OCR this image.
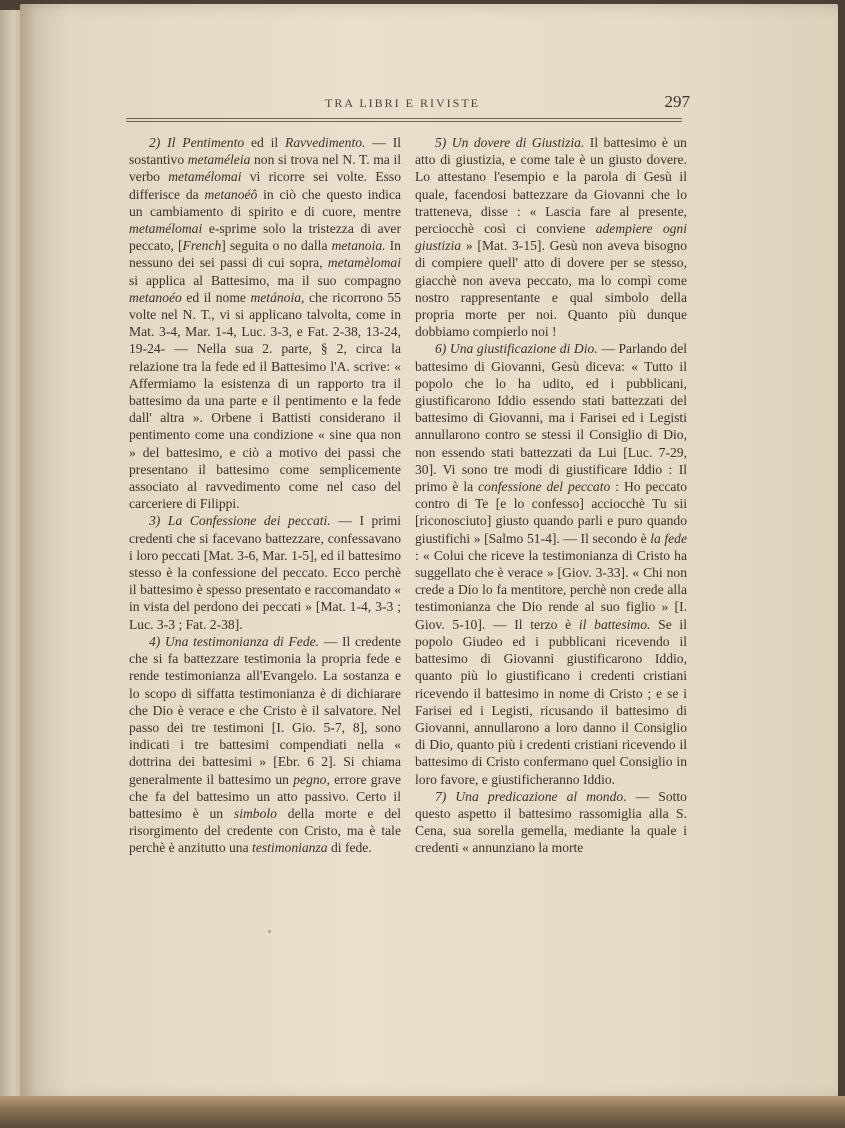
TRA LIBRI E RIVISTE	297

2) Il Pentimento ed il Ravvedimento. — Il sostantivo metaméleia non si trova nel N. T. ma il verbo metamélomai vi ricorre sei volte. Esso differisce da metanoéô in ciò che questo indica un cambiamento di spirito e di cuore, mentre metamélomai e-sprime solo la tristezza di aver peccato, [French] seguita o no dalla metanoia. In nessuno dei sei passi di cui sopra, metamèlomai si applica al Battesimo, ma il suo compagno metanoéo ed il nome metánoia, che ricorrono 55 volte nel N. T., vi si applicano talvolta, come in Mat. 3-4, Mar. 1-4, Luc. 3-3, e Fat. 2-38, 13-24, 19-24- — Nella sua 2. parte, § 2, circa la relazione tra la fede ed il Battesimo l'A. scrive: « Affermiamo la esistenza di un rapporto tra il battesimo da una parte e il pentimento e la fede dall' altra ». Orbene i Battisti considerano il pentimento come una condizione « sine qua non » del battesimo, e ciò a motivo dei passi che presentano il battesimo come semplicemente associato al ravvedimento come nel caso del carceriere di Filippi.

3) La Confessione dei peccati. — I primi credenti che si facevano battezzare, confessavano i loro peccati [Mat. 3-6, Mar. 1-5], ed il battesimo stesso è la confessione del peccato. Ecco perchè il battesimo è spesso presentato e raccomandato « in vista del perdono dei peccati » [Mat. 1-4, 3-3 ; Luc. 3-3 ; Fat. 2-38].

4) Una testimonianza di Fede. — Il credente che si fa battezzare testimonia la propria fede e rende testimonianza all'Evangelo. La sostanza e lo scopo di siffatta testimonianza è di dichiarare che Dio è verace e che Cristo è il salvatore. Nel passo dei tre testimoni [I. Gio. 5-7, 8], sono indicati i tre battesimi compendiati nella « dottrina dei battesimi » [Ebr. 6 2]. Si chiama generalmente il battesimo un pegno, errore grave che fa del battesimo un atto passivo. Certo il battesimo è un simbolo della morte e del risorgimento del credente con Cristo, ma è tale perchè è anzitutto una testimonianza di fede.

5) Un dovere di Giustizia. Il battesimo è un atto di giustizia, e come tale è un giusto dovere. Lo attestano l'esempio e la parola di Gesù il quale, facendosi battezzare da Giovanni che lo tratteneva, disse : « Lascia fare al presente, perciocchè così ci conviene adempiere ogni giustizia » [Mat. 3-15]. Gesù non aveva bisogno di compiere quell' atto di dovere per se stesso, giacchè non aveva peccato, ma lo compì come nostro rappresentante e qual simbolo della propria morte per noi. Quanto più dunque dobbiamo compierlo noi !

6) Una giustificazione di Dio. — Parlando del battesimo di Giovanni, Gesù diceva: « Tutto il popolo che lo ha udito, ed i pubblicani, giustificarono Iddio essendo stati battezzati del battesimo di Giovanni, ma i Farisei ed i Legisti annullarono contro se stessi il Consiglio di Dio, non essendo stati battezzati da Lui [Luc. 7-29, 30]. Vi sono tre modi di giustificare Iddio : Il primo è la confessione del peccato : Ho peccato contro di Te [e lo confesso] acciocchè Tu sii [riconosciuto] giusto quando parli e puro quando giustifichi » [Salmo 51-4]. — Il secondo è la fede : « Colui che riceve la testimonianza di Cristo ha suggellato che è verace » [Giov. 3-33]. « Chi non crede a Dio lo fa mentitore, perchè non crede alla testimonianza che Dio rende al suo figlio » [I. Giov. 5-10]. — Il terzo è il battesimo. Se il popolo Giudeo ed i pubblicani ricevendo il battesimo di Giovanni giustificarono Iddio, quanto più lo giustificano i credenti cristiani ricevendo il battesimo in nome di Cristo ; e se i Farisei ed i Legisti, ricusando il battesimo di Giovanni, annullarono a loro danno il Consiglio di Dio, quanto più i credenti cristiani ricevendo il battesimo di Cristo confermano quel Consiglio in loro favore, e giustificheranno Iddio.

7) Una predicazione al mondo. — Sotto questo aspetto il battesimo rassomiglia alla S. Cena, sua sorella gemella, mediante la quale i credenti « annunziano la morte
